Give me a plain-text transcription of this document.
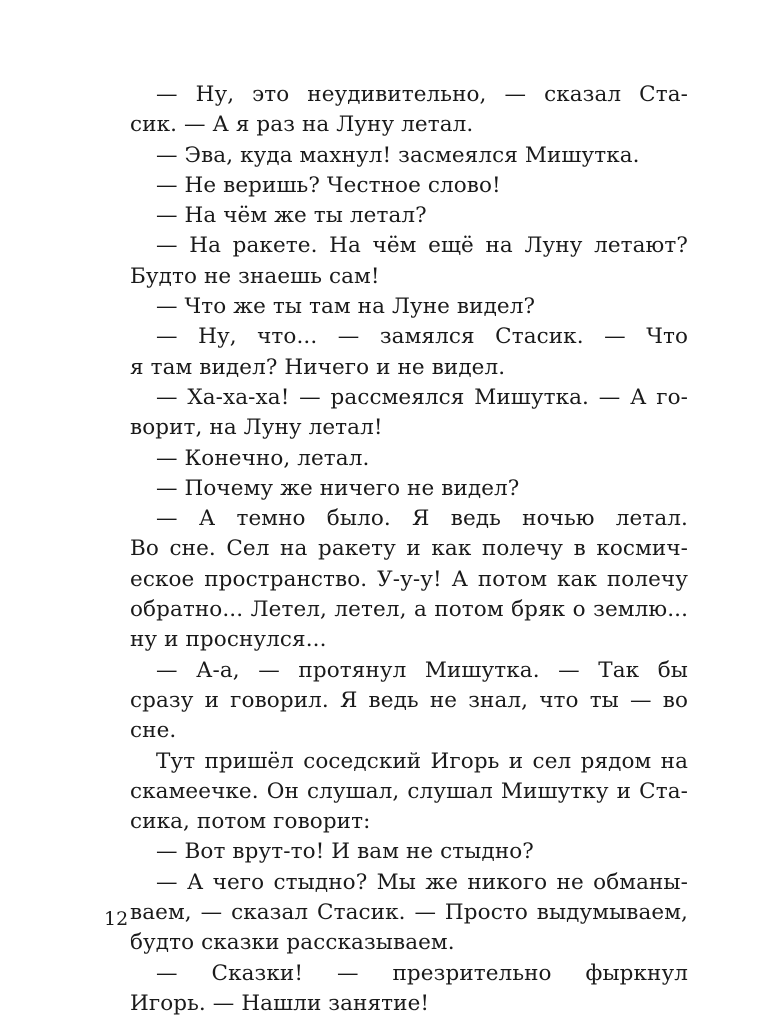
— Ну, это неудивительно, — сказал Ста-
сик. — А я раз на Луну летал.
— Эва, куда махнул! засмеялся Мишутка.
— Не веришь? Честное слово!
— На чём же ты летал?
— На ракете. На чём ещё на Луну летают?
Будто не знаешь сам!
— Что же ты там на Луне видел?
— Ну, что... — замялся Стасик. — Что
я там видел? Ничего и не видел.
— Ха-ха-ха! — рассмеялся Мишутка. — А го-
ворит, на Луну летал!
— Конечно, летал.
— Почему же ничего не видел?
— А темно было. Я ведь ночью летал.
Во сне. Сел на ракету и как полечу в космич-
еское пространство. У-у-у! А потом как полечу
обратно... Летел, летел, а потом бряк о землю...
ну и проснулся...
— А-а, — протянул Мишутка. — Так бы
сразу и говорил. Я ведь не знал, что ты — во
сне.
Тут пришёл соседский Игорь и сел рядом на
скамеечке. Он слушал, слушал Мишутку и Ста-
сика, потом говорит:
— Вот врут-то! И вам не стыдно?
— А чего стыдно? Мы же никого не обманы-
ваем, — сказал Стасик. — Просто выдумываем,
будто сказки рассказываем.
— Сказки! — презрительно фыркнул
Игорь. — Нашли занятие!
12
